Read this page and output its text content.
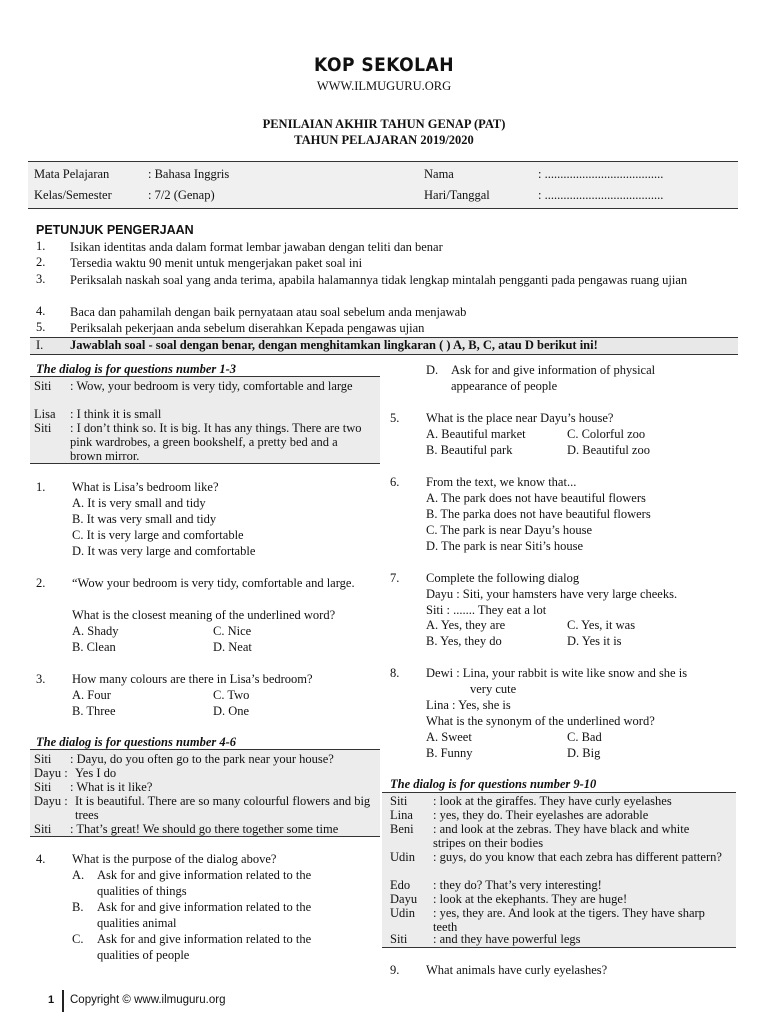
KOP SEKOLAH
WWW.ILMUGURU.ORG
PENILAIAN AKHIR TAHUN GENAP (PAT)
TAHUN PELAJARAN 2019/2020
Mata Pelajaran	: Bahasa Inggris
Kelas/Semester	: 7/2 (Genap)
Nama	: ......................................
Hari/Tanggal	: ......................................
PETUNJUK PENGERJAAN
1. Isikan identitas anda dalam format lembar jawaban dengan teliti dan benar
2. Tersedia waktu 90 menit untuk mengerjakan paket soal ini
3. Periksalah naskah soal yang anda terima, apabila halamannya tidak lengkap mintalah pengganti pada pengawas ruang ujian
4. Baca dan pahamilah dengan baik pernyataan atau soal sebelum anda menjawab
5. Periksalah pekerjaan anda sebelum diserahkan Kepada pengawas ujian
I. Jawablah soal - soal dengan benar, dengan menghitamkan lingkaran ( ) A, B, C, atau D berikut ini!
The dialog is for questions number 1-3
Siti : Wow, your bedroom is very tidy, comfortable and large
Lisa : I think it is small
Siti : I don’t think so. It is big. It has any things. There are two pink wardrobes, a green bookshelf, a pretty bed and a brown mirror.
1. What is Lisa’s bedroom like?
A. It is very small and tidy
B. It was very small and tidy
C. It is very large and comfortable
D. It was very large and comfortable
2. “Wow your bedroom is very tidy, comfortable and large.
What is the closest meaning of the underlined word?
A. Shady
B. Clean
C. Nice
D. Neat
3. How many colours are there in Lisa’s bedroom?
A. Four
B. Three
C. Two
D. One
The dialog is for questions number 4-6
Siti : Dayu, do you often go to the park near your house?
Dayu : Yes I do
Siti : What is it like?
Dayu : It is beautiful. There are so many colourful flowers and big trees
Siti : That’s great! We should go there together some time
4. What is the purpose of the dialog above?
A. Ask for and give information related to the qualities of things
B. Ask for and give information related to the qualities animal
C. Ask for and give information related to the qualities of people
D. Ask for and give information of physical appearance of people
5. What is the place near Dayu’s house?
A. Beautiful market
B. Beautiful park
C. Colorful zoo
D. Beautiful zoo
6. From the text, we know that...
A. The park does not have beautiful flowers
B. The parka does not have beautiful flowers
C. The park is near Dayu’s house
D. The park is near Siti’s house
7. Complete the following dialog
Dayu : Siti, your hamsters have very large cheeks.
Siti : ....... They eat a lot
A. Yes, they are
B. Yes, they do
C. Yes, it was
D. Yes it is
8. Dewi : Lina, your rabbit is wite like snow and she is
very cute
Lina : Yes, she is
What is the synonym of the underlined word?
A. Sweet
B. Funny
C. Bad
D. Big
The dialog is for questions number 9-10
Siti : look at the giraffes. They have curly eyelashes
Lina : yes, they do. Their eyelashes are adorable
Beni : and look at the zebras. They have black and white stripes on their bodies
Udin : guys, do you know that each zebra has different pattern?
Edo : they do? That’s very interesting!
Dayu : look at the ekephants. They are huge!
Udin : yes, they are. And look at the tigers. They have sharp teeth
Siti : and they have powerful legs
9. What animals have curly eyelashes?
1 Copyright © www.ilmuguru.org
